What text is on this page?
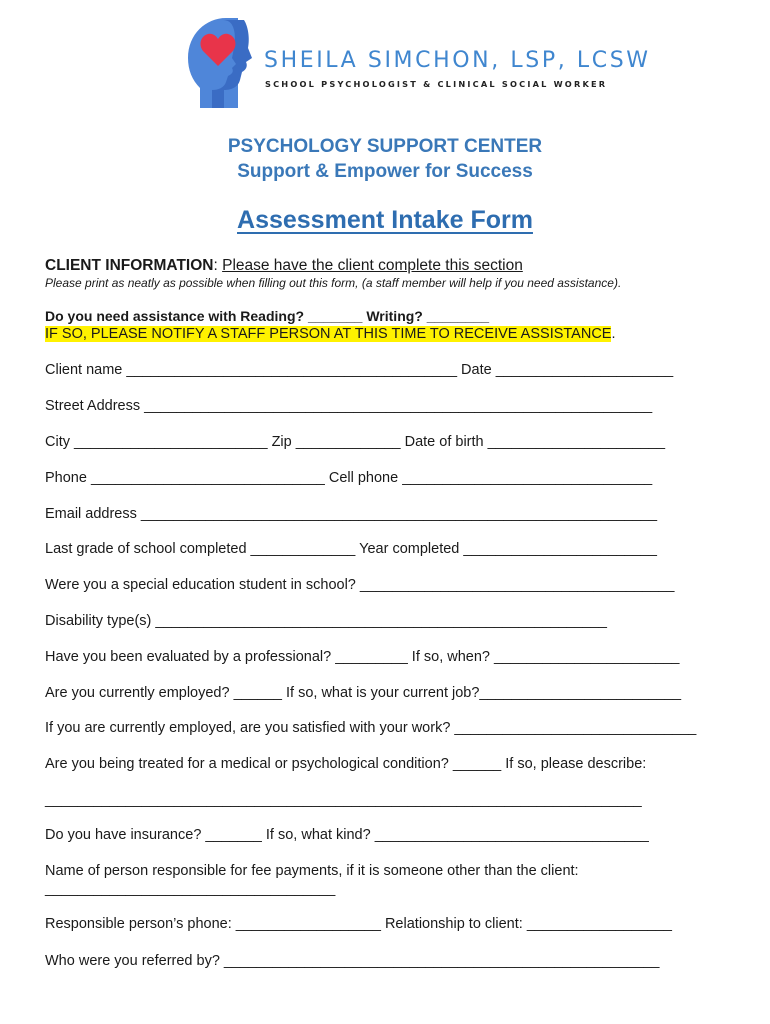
SHEILA SIMCHON, LSP, LCSW
SCHOOL PSYCHOLOGIST & CLINICAL SOCIAL WORKER
PSYCHOLOGY SUPPORT CENTER
Support & Empower for Success
Assessment Intake Form
CLIENT INFORMATION: Please have the client complete this section
Please print as neatly as possible when filling out this form, (a staff member will help if you need assistance).
Do you need assistance with Reading? _______ Writing? ________
IF SO, PLEASE NOTIFY A STAFF PERSON AT THIS TIME TO RECEIVE ASSISTANCE.
Client name _________________________________________ Date ______________________
Street Address _______________________________________________________________
City ________________________ Zip _____________ Date of birth ______________________
Phone _____________________________ Cell phone _______________________________
Email address ________________________________________________________________
Last grade of school completed _____________ Year completed ________________________
Were you a special education student in school? _______________________________________
Disability type(s) ________________________________________________________
Have you been evaluated by a professional? _________ If so, when? _______________________
Are you currently employed? ______ If so, what is your current job?_________________________
If you are currently employed, are you satisfied with your work? ______________________________
Are you being treated for a medical or psychological condition? ______ If so, please describe:
__________________________________________________________________________
Do you have insurance? _______ If so, what kind? __________________________________
Name of person responsible for fee payments, if it is someone other than the client:
____________________________________
Responsible person’s phone: __________________ Relationship to client: __________________
Who were you referred by? ______________________________________________________
